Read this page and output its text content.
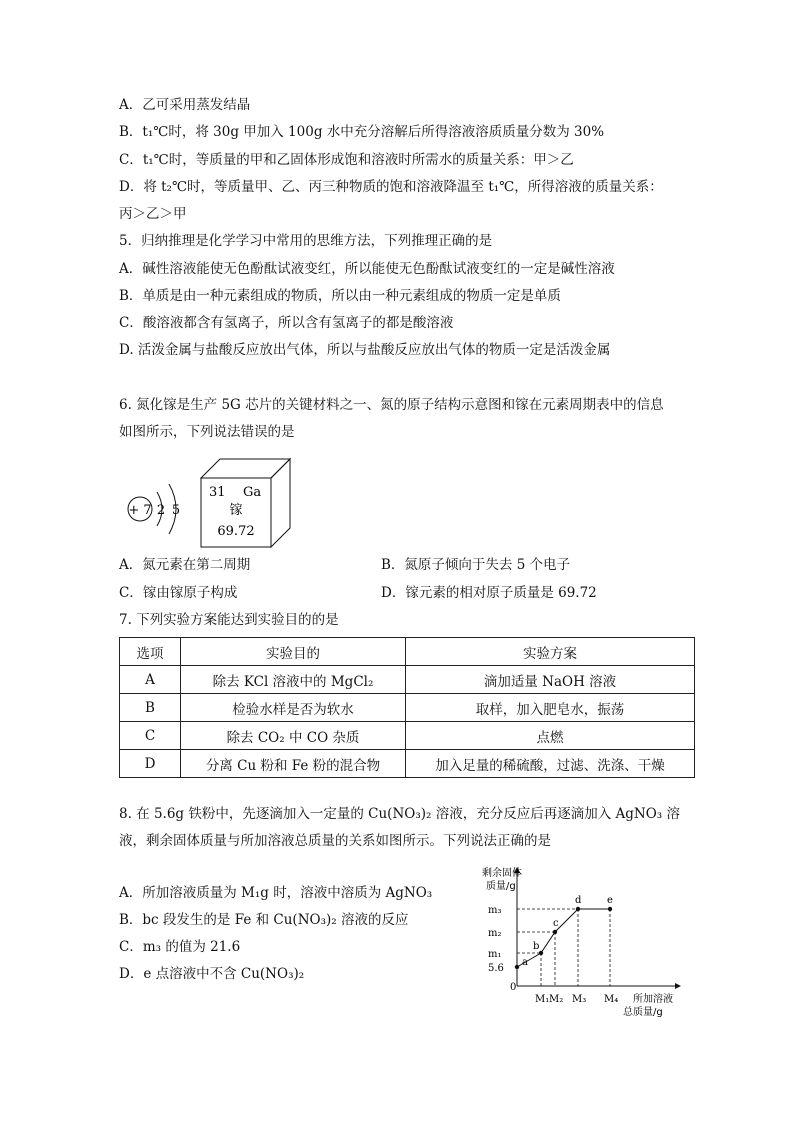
A．乙可采用蒸发结晶
B．t₁℃时，将 30g 甲加入 100g 水中充分溶解后所得溶液溶质质量分数为 30%
C．t₁℃时，等质量的甲和乙固体形成饱和溶液时所需水的质量关系：甲＞乙
D．将 t₂℃时，等质量甲、乙、丙三种物质的饱和溶液降温至 t₁℃，所得溶液的质量关系：
丙＞乙＞甲
5．归纳推理是化学学习中常用的思维方法，下列推理正确的是
A．碱性溶液能使无色酚酞试液变红，所以能使无色酚酞试液变红的一定是碱性溶液
B．单质是由一种元素组成的物质，所以由一种元素组成的物质一定是单质
C．酸溶液都含有氢离子，所以含有氢离子的都是酸溶液
D. 活泼金属与盐酸反应放出气体，所以与盐酸反应放出气体的物质一定是活泼金属
6. 氮化镓是生产 5G 芯片的关键材料之一、氮的原子结构示意图和镓在元素周期表中的信息
如图所示，下列说法错误的是
+ 7 2 5
31 Ga
镓
69.72
A．氮元素在第二周期	B．氮原子倾向于失去 5 个电子
C．镓由镓原子构成	D．镓元素的相对原子质量是 69.72
7. 下列实验方案能达到实验目的的是
选项	实验目的	实验方案
A	除去 KCl 溶液中的 MgCl₂	滴加适量 NaOH 溶液
B	检验水样是否为软水	取样，加入肥皂水，振荡
C	除去 CO₂ 中 CO 杂质	点燃
D	分离 Cu 粉和 Fe 粉的混合物	加入足量的稀硫酸，过滤、洗涤、干燥
8. 在 5.6g 铁粉中，先逐滴加入一定量的 Cu(NO₃)₂ 溶液，充分反应后再逐滴加入 AgNO₃ 溶
液，剩余固体质量与所加溶液总质量的关系如图所示。下列说法正确的是
A．所加溶液质量为 M₁g 时，溶液中溶质为 AgNO₃
B．bc 段发生的是 Fe 和 Cu(NO₃)₂ 溶液的反应
C．m₃ 的值为 21.6
D．e 点溶液中不含 Cu(NO₃)₂
剩余固体
质量/g
0
所加溶液
总质量/g
5.6
m₁
m₂
m₃
M₁ M₂ M₃ M₄
a
b
c
d	e
